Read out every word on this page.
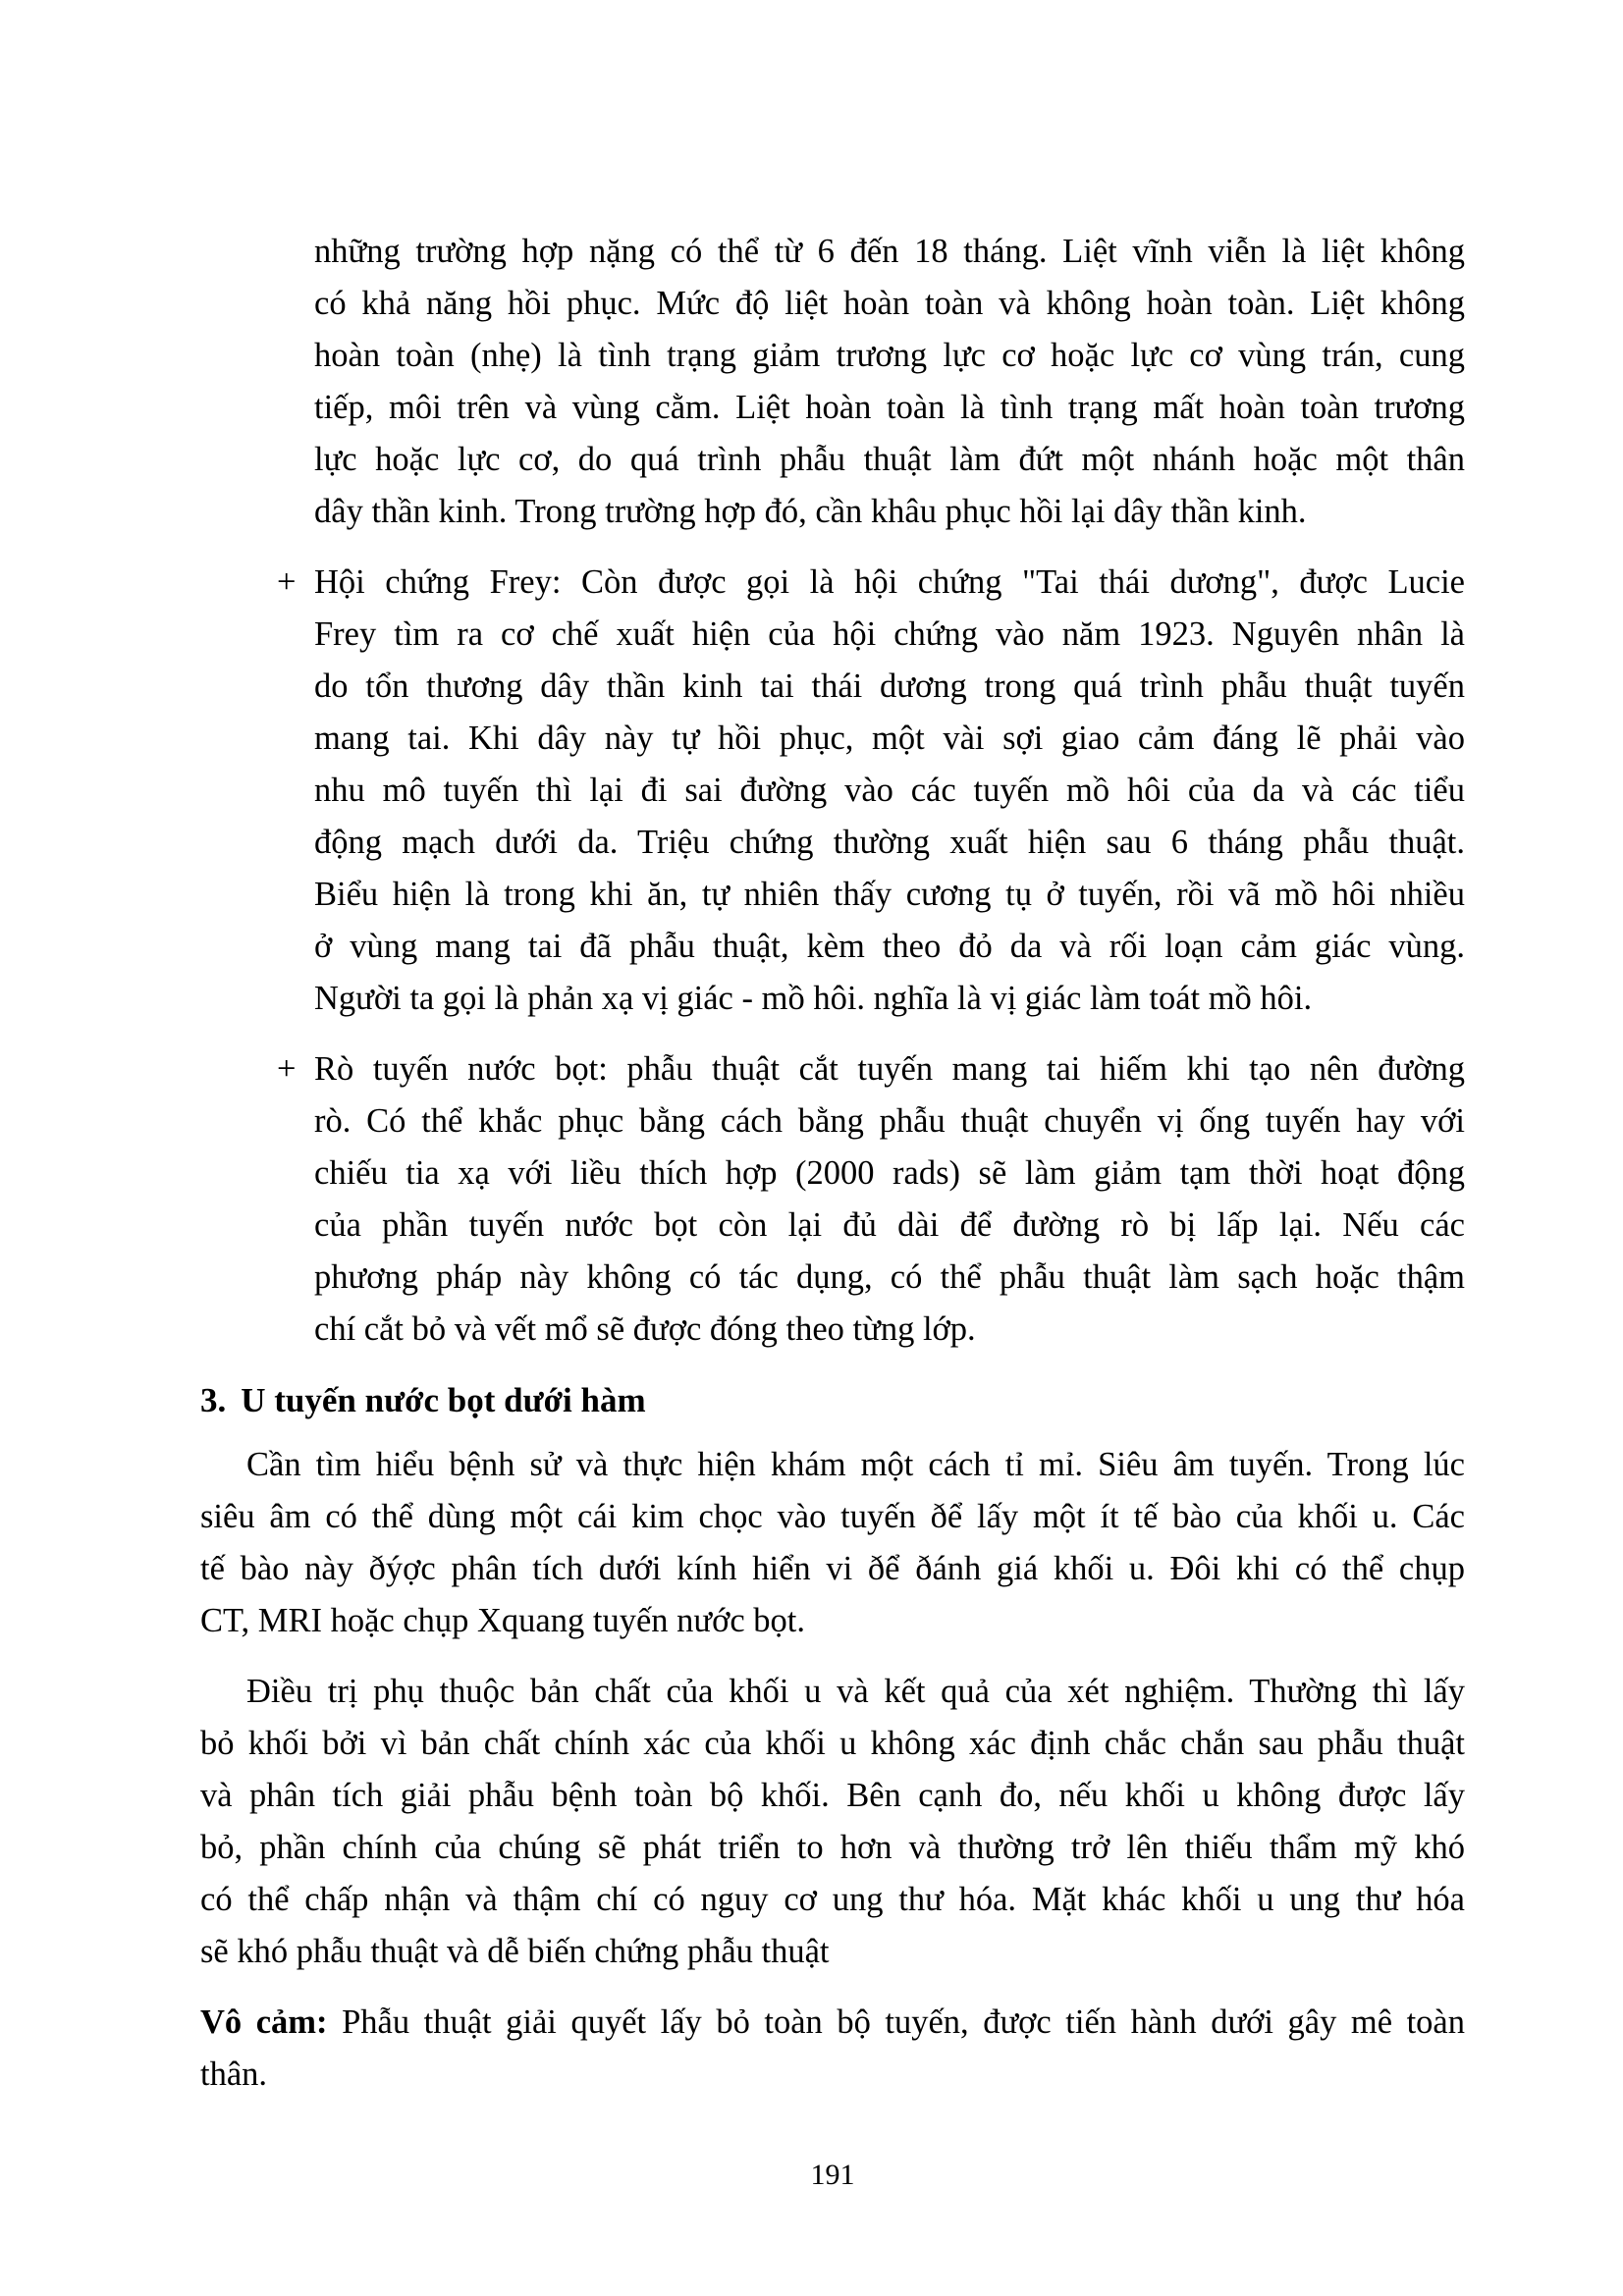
những trường hợp nặng có thể từ 6 đến 18 tháng. Liệt vĩnh viễn là liệt không
có khả năng hồi phục. Mức độ liệt hoàn toàn và không hoàn toàn. Liệt không
hoàn toàn (nhẹ) là tình trạng giảm trương lực cơ hoặc lực cơ vùng trán, cung
tiếp, môi trên và vùng cằm. Liệt hoàn toàn là tình trạng mất hoàn toàn trương
lực hoặc lực cơ, do quá trình phẫu thuật làm đứt một nhánh hoặc một thân
dây thần kinh. Trong trường hợp đó, cần khâu phục hồi lại dây thần kinh.
+ Hội chứng Frey: Còn được gọi là hội chứng "Tai thái dương", được Lucie
Frey tìm ra cơ chế xuất hiện của hội chứng vào năm 1923. Nguyên nhân là
do tổn thương dây thần kinh tai thái dương trong quá trình phẫu thuật tuyến
mang tai. Khi dây này tự hồi phục, một vài sợi giao cảm đáng lẽ phải vào
nhu mô tuyến thì lại đi sai đường vào các tuyến mồ hôi của da và các tiểu
động mạch dưới da. Triệu chứng thường xuất hiện sau 6 tháng phẫu thuật.
Biểu hiện là trong khi ăn, tự nhiên thấy cương tụ ở tuyến, rồi vã mồ hôi nhiều
ở vùng mang tai đã phẫu thuật, kèm theo đỏ da và rối loạn cảm giác vùng.
Người ta gọi là phản xạ vị giác - mồ hôi. nghĩa là vị giác làm toát mồ hôi.
+ Rò tuyến nước bọt: phẫu thuật cắt tuyến mang tai hiếm khi tạo nên đường
rò. Có thể khắc phục bằng cách bằng phẫu thuật chuyển vị ống tuyến hay với
chiếu tia xạ với liều thích hợp (2000 rads) sẽ làm giảm tạm thời hoạt động
của phần tuyến nước bọt còn lại đủ dài để đường rò bị lấp lại. Nếu các
phương pháp này không có tác dụng, có thể phẫu thuật làm sạch hoặc thậm
chí cắt bỏ và vết mổ sẽ được đóng theo từng lớp.
3. U tuyến nước bọt dưới hàm
Cần tìm hiểu bệnh sử và thực hiện khám một cách tỉ mỉ. Siêu âm tuyến. Trong lúc
siêu âm có thể dùng một cái kim chọc vào tuyến ðể lấy một ít tế bào của khối u. Các
tế bào này ðýợc phân tích dưới kính hiển vi ðể ðánh giá khối u. Đôi khi có thể chụp
CT, MRI hoặc chụp Xquang tuyến nước bọt.
Điều trị phụ thuộc bản chất của khối u và kết quả của xét nghiệm. Thường thì lấy
bỏ khối bởi vì bản chất chính xác của khối u không xác định chắc chắn sau phẫu thuật
và phân tích giải phẫu bệnh toàn bộ khối. Bên cạnh đo, nếu khối u không được lấy
bỏ, phần chính của chúng sẽ phát triển to hơn và thường trở lên thiếu thẩm mỹ khó
có thể chấp nhận và thậm chí có nguy cơ ung thư hóa. Mặt khác khối u ung thư hóa
sẽ khó phẫu thuật và dễ biến chứng phẫu thuật
Vô cảm: Phẫu thuật giải quyết lấy bỏ toàn bộ tuyến, được tiến hành dưới gây mê toàn
thân.
191
